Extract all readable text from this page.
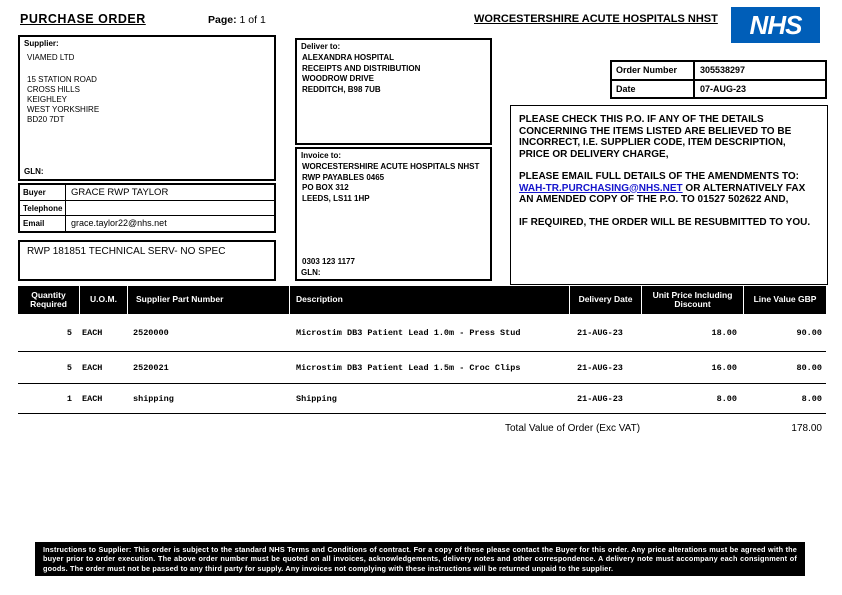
PURCHASE ORDER	Page: 1 of 1	WORCESTERSHIRE ACUTE HOSPITALS NHST NHS
Supplier:
VIAMED LTD
15 STATION ROAD
CROSS HILLS
KEIGHLEY
WEST YORKSHIRE
BD20 7DT
GLN:
Buyer	GRACE RWP TAYLOR
Telephone
Email	grace.taylor22@nhs.net
RWP 181851 TECHNICAL SERV- NO SPEC
Deliver to:
ALEXANDRA HOSPITAL
RECEIPTS AND DISTRIBUTION
WOODROW DRIVE
REDDITCH, B98 7UB
Invoice to:
WORCESTERSHIRE ACUTE HOSPITALS NHST
RWP PAYABLES 0465
PO BOX 312
LEEDS, LS11 1HP
0303 123 1177
GLN:
Order Number	305538297
Date	07-AUG-23
PLEASE CHECK THIS P.O. IF ANY OF THE DETAILS CONCERNING THE ITEMS LISTED ARE BELIEVED TO BE INCORRECT, I.E. SUPPLIER CODE, ITEM DESCRIPTION, PRICE OR DELIVERY CHARGE,
PLEASE EMAIL FULL DETAILS OF THE AMENDMENTS TO: WAH-TR.PURCHASING@NHS.NET OR ALTERNATIVELY FAX AN AMENDED COPY OF THE P.O. TO 01527 502622 AND,
IF REQUIRED, THE ORDER WILL BE RESUBMITTED TO YOU.
Quantity Required	U.O.M.	Supplier Part Number	Description	Delivery Date	Unit Price Including Discount	Line Value GBP
5	EACH	2520000	Microstim DB3 Patient Lead 1.0m - Press Stud	21-AUG-23	18.00	90.00
5	EACH	2520021	Microstim DB3 Patient Lead 1.5m - Croc Clips	21-AUG-23	16.00	80.00
1	EACH	shipping	Shipping	21-AUG-23	8.00	8.00
Total Value of Order (Exc VAT)	178.00
Instructions to Supplier: This order is subject to the standard NHS Terms and Conditions of contract. For a copy of these please contact the Buyer for this order. Any price alterations must be agreed with the buyer prior to order execution. The above order number must be quoted on all invoices, acknowledgements, delivery notes and other correspondence. A delivery note must accompany each consignment of goods. The order must not be passed to any third party for supply. Any invoices not complying with these instructions will be returned unpaid to the supplier.
